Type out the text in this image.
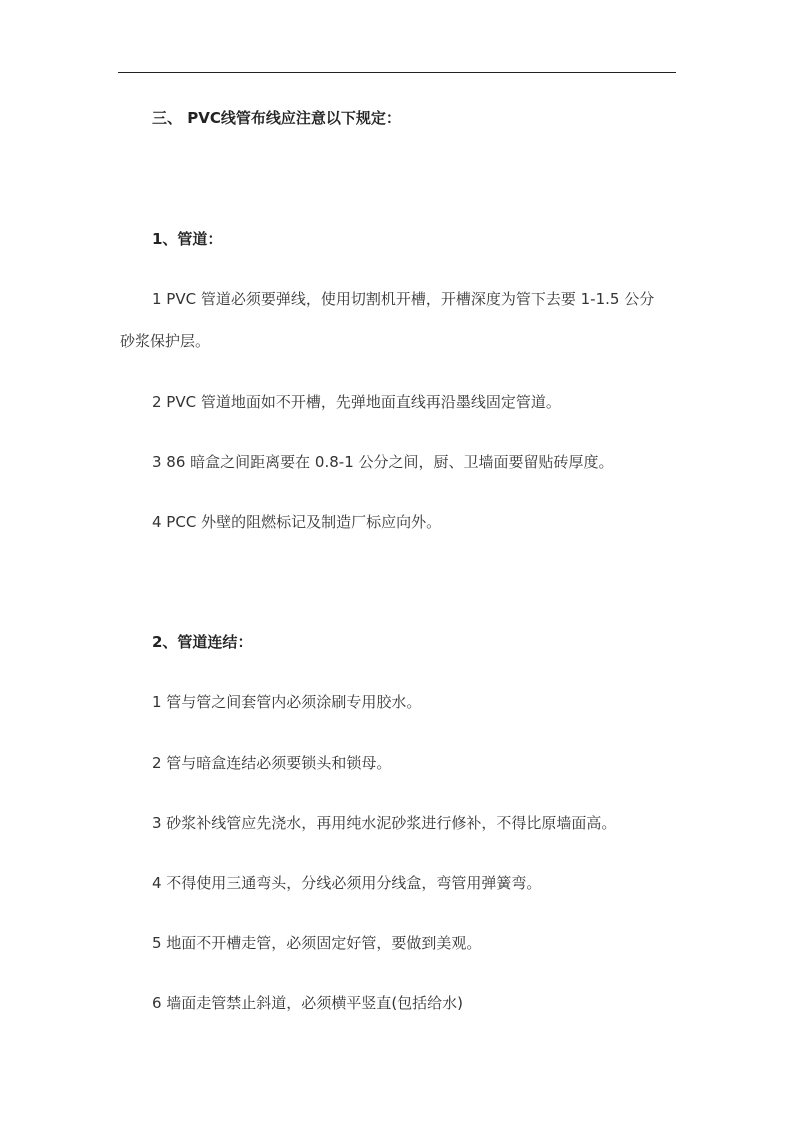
三、 PVC线管布线应注意以下规定：
1、管道：
1 PVC 管道必须要弹线，使用切割机开槽，开槽深度为管下去要 1-1.5 公分
砂浆保护层。
2 PVC 管道地面如不开槽，先弹地面直线再沿墨线固定管道。
3 86 暗盒之间距离要在 0.8-1 公分之间，厨、卫墙面要留贴砖厚度。
4 PCC 外壁的阻燃标记及制造厂标应向外。
2、管道连结：
1 管与管之间套管内必须涂刷专用胶水。
2 管与暗盒连结必须要锁头和锁母。
3 砂浆补线管应先浇水，再用纯水泥砂浆进行修补，不得比原墙面高。
4 不得使用三通弯头，分线必须用分线盒，弯管用弹簧弯。
5 地面不开槽走管，必须固定好管，要做到美观。
6 墙面走管禁止斜道，必须横平竖直(包括给水)
